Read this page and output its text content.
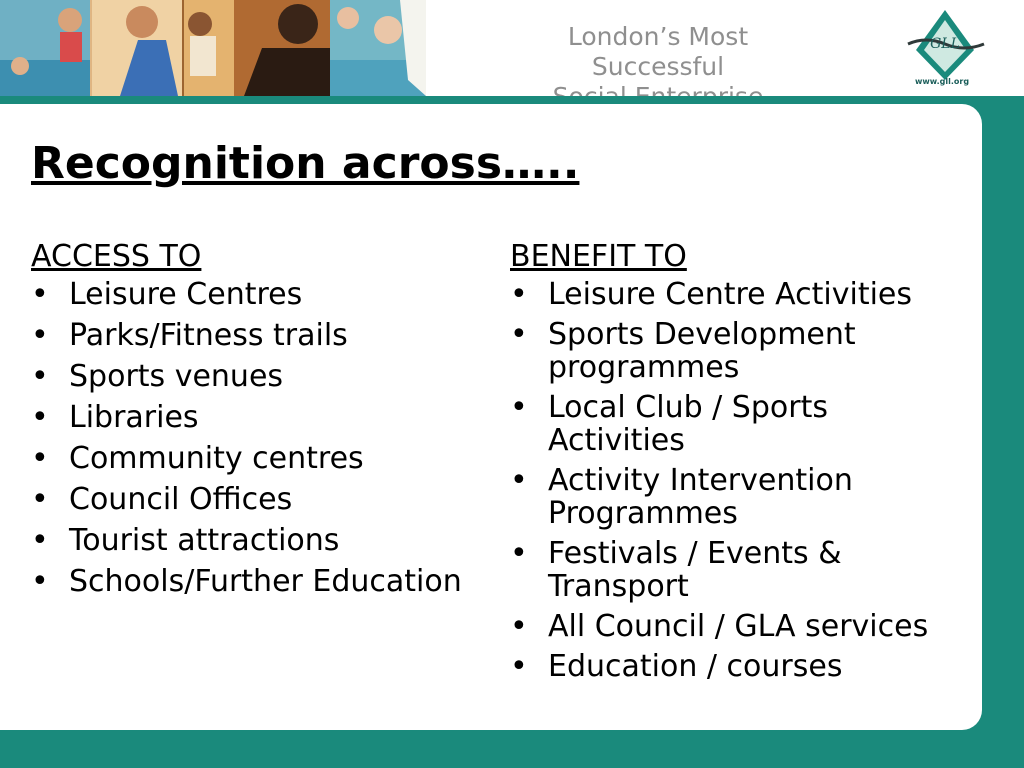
London’s Most Successful
GLL
www.gll.org
Recognition across…..
ACCESS TO
• Leisure Centres
• Parks/Fitness trails
• Sports venues
• Libraries
• Community centres
• Council Offices
• Tourist attractions
• Schools/Further Education
BENEFIT TO
• Leisure Centre Activities
• Sports Development programmes
• Local Club / Sports Activities
• Activity Intervention Programmes
• Festivals / Events & Transport
• All Council / GLA services
• Education / courses
